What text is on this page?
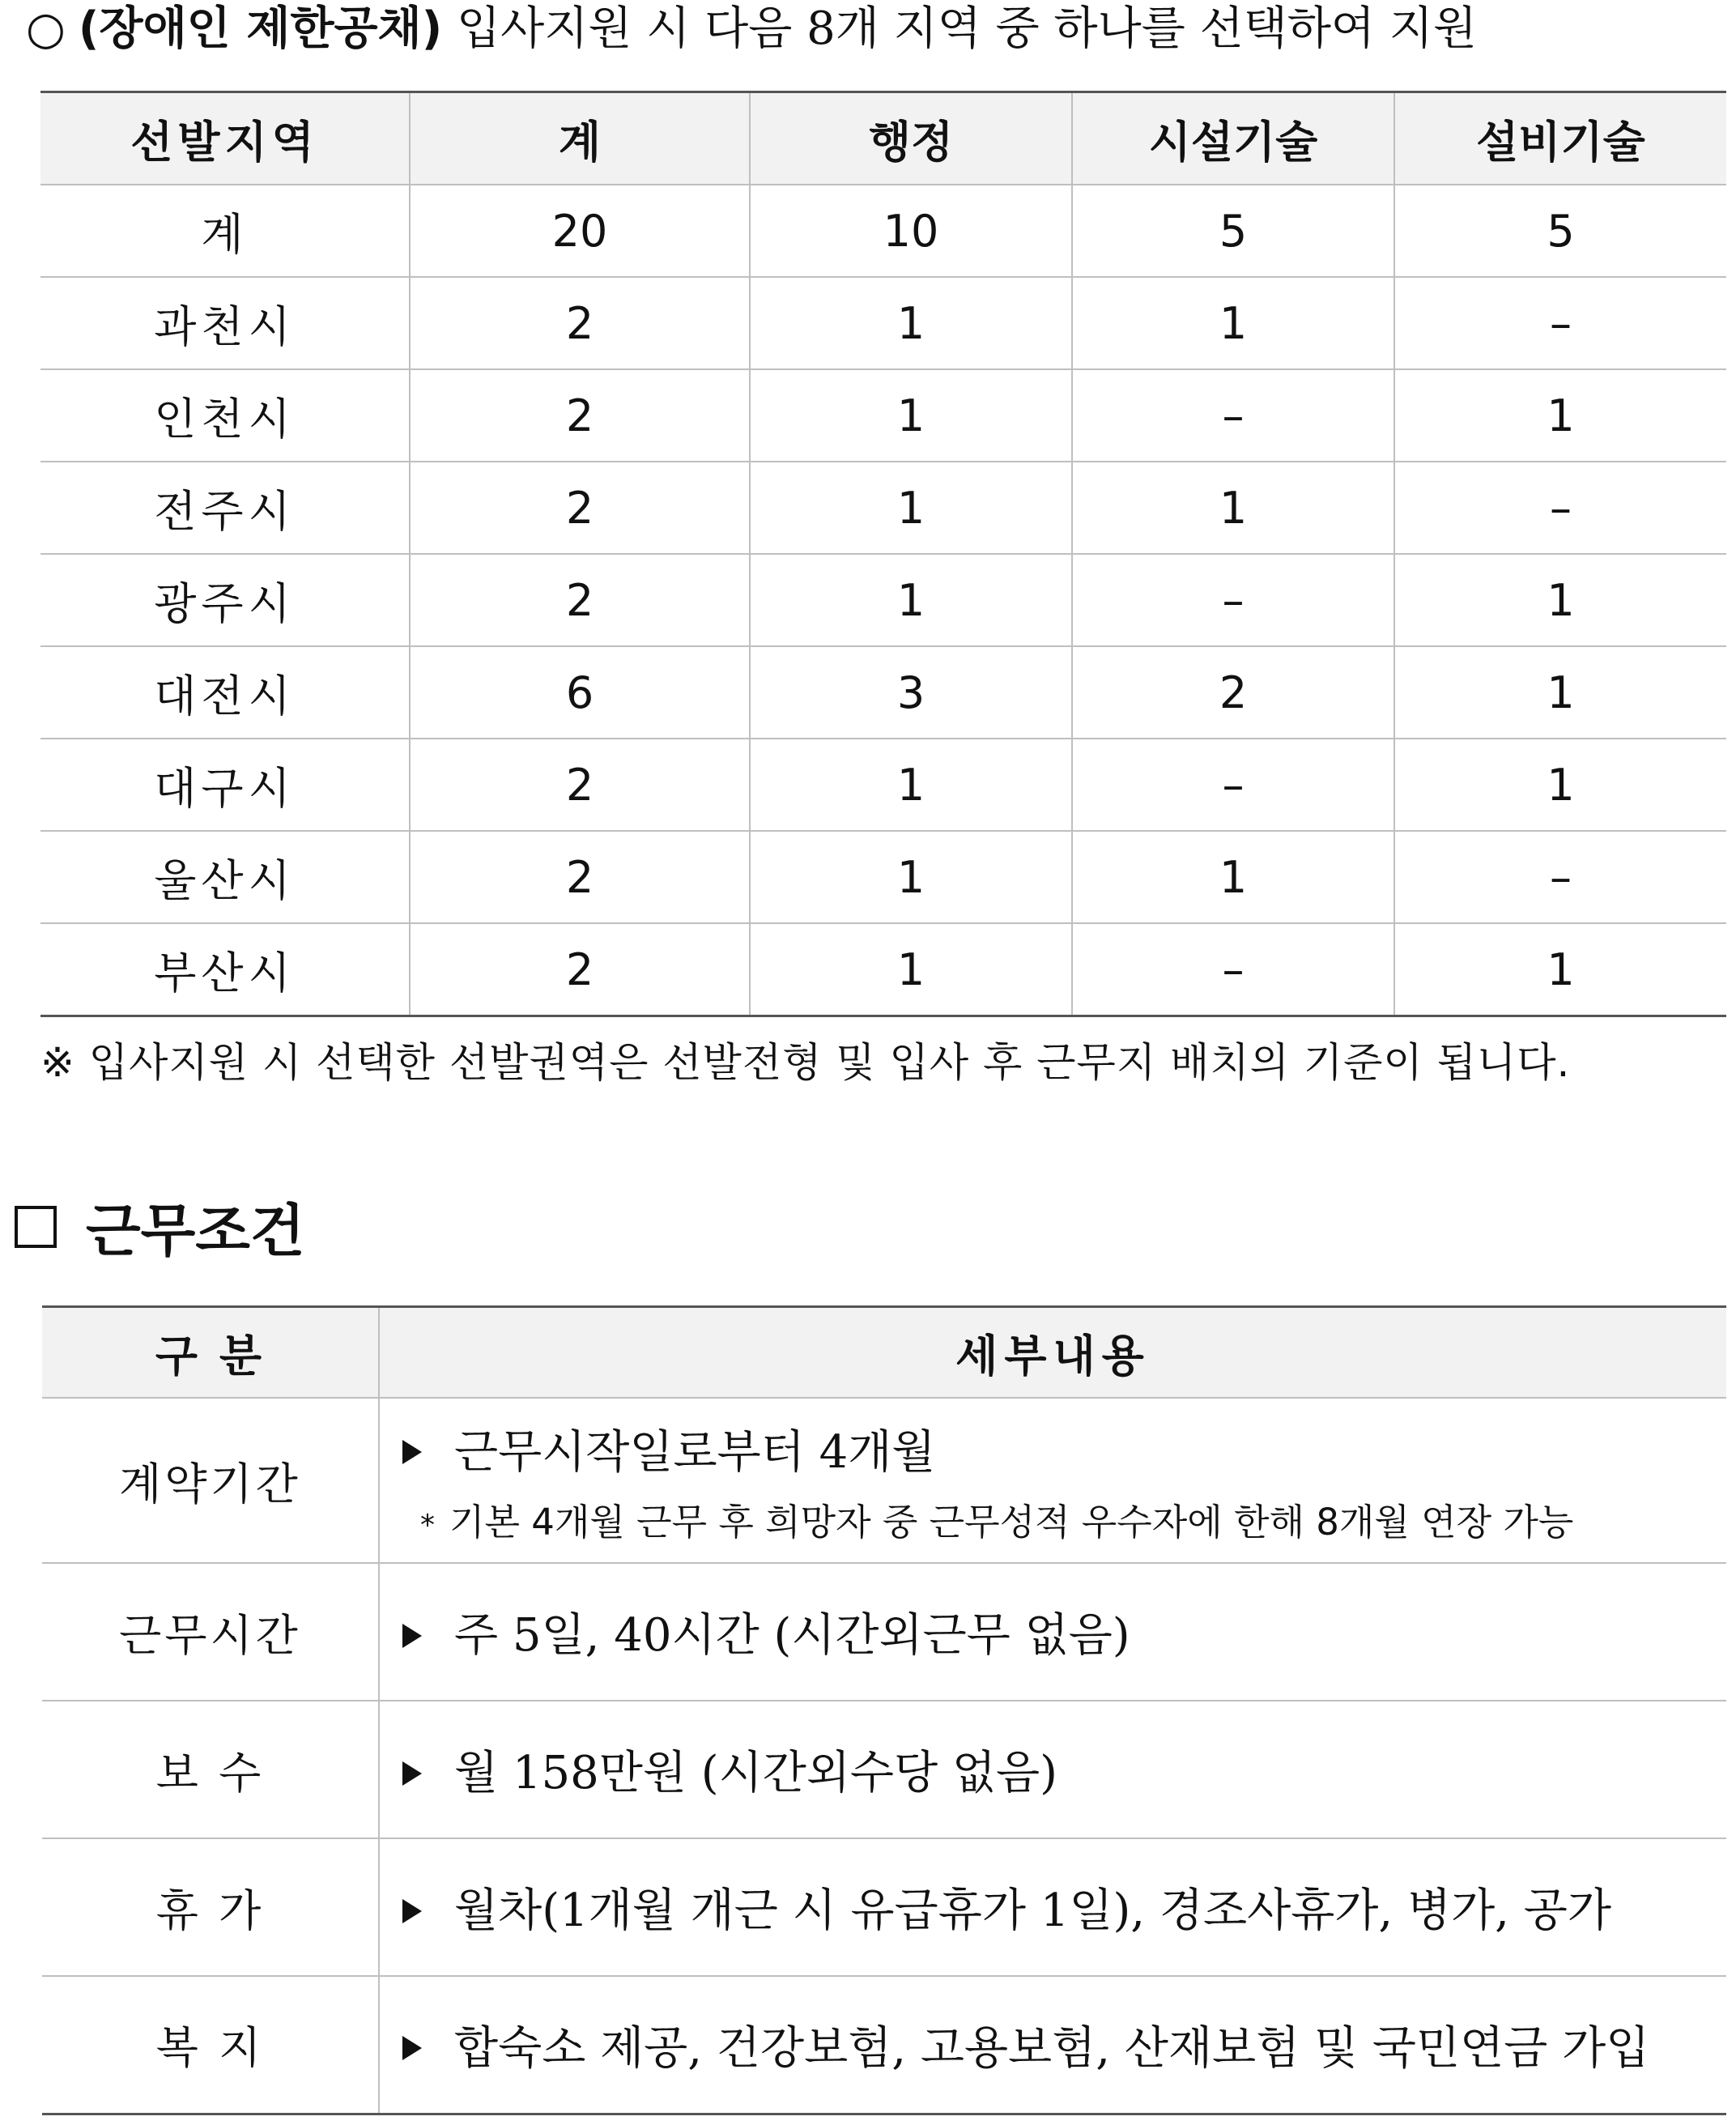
○ (장애인 제한공채) 입사지원 시 다음 8개 지역 중 하나를 선택하여 지원
선발지역	계	행정	시설기술	설비기술
계	20	10	5	5
과천시	2	1	1	–
인천시	2	1	–	1
전주시	2	1	1	–
광주시	2	1	–	1
대전시	6	3	2	1
대구시	2	1	–	1
울산시	2	1	1	–
부산시	2	1	–	1
※ 입사지원 시 선택한 선발권역은 선발전형 및 입사 후 근무지 배치의 기준이 됩니다.
근무조건
구 분	세부내용
계약기간	근무시작일로부터 4개월
* 기본 4개월 근무 후 희망자 중 근무성적 우수자에 한해 8개월 연장 가능

근무시간	주 5일, 40시간 (시간외근무 없음)
보 수	월 158만원 (시간외수당 없음)
휴 가	월차(1개월 개근 시 유급휴가 1일), 경조사휴가, 병가, 공가
복 지	합숙소 제공, 건강보험, 고용보험, 산재보험 및 국민연금 가입
